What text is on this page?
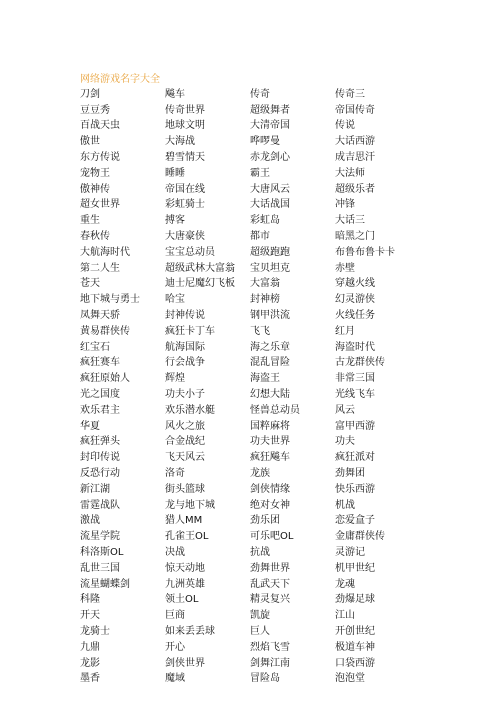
网络游戏名字大全
刀剑	飚车	传奇	传奇三
豆豆秀	传奇世界	超级舞者	帝国传奇
百战天虫	地球文明	大清帝国	传说
傲世	大海战	哗啰曼	大话西游
东方传说	碧雪情天	赤龙剑心	成吉思汗
宠物王	睡睡	霸王	大法师
傲神传	帝国在线	大唐风云	超级乐者
超女世界	彩虹骑士	大话战国	冲锋
重生	搏客	彩虹岛	大话三
春秋传	大唐豪侠	都市	暗黑之门
大航海时代	宝宝总动员	超级跑跑	布鲁布鲁卡卡
第二人生	超级武林大富翁	宝贝坦克	赤壁
苍天	迪士尼魔幻飞板	大富翁	穿越火线
地下城与勇士	哈宝	封神榜	幻灵游侠
凤舞天骄	封神传说	钢甲洪流	火线任务
黄易群侠传	疯狂卡丁车	飞飞	红月
红宝石	航海国际	海之乐章	海盗时代
疯狂赛车	行会战争	混乱冒险	古龙群侠传
疯狂原始人	辉煌	海盗王	非常三国
光之国度	功夫小子	幻想大陆	光线飞车
欢乐君主	欢乐潜水艇	怪兽总动员	风云
华夏	风火之旅	国粹麻将	富甲西游
疯狂弹头	合金战纪	功夫世界	功夫
封印传说	飞天风云	疯狂飚车	疯狂派对
反恐行动	洛奇	龙族	劲舞团
新江湖	街头篮球	剑侠情缘	快乐西游
雷霆战队	龙与地下城	绝对女神	机战
激战	猎人MM	劲乐团	恋爱盒子
流星学院	孔雀王OL	可乐吧OL	金庸群侠传
科洛斯OL	决战	抗战	灵游记
乱世三国	惊天动地	劲舞世界	机甲世纪
流星蝴蝶剑	九洲英雄	乱武天下	龙魂
科隆	领土OL	精灵复兴	劲爆足球
开天	巨商	凯旋	江山
龙骑士	如来丢丢球	巨人	开创世纪
九鼎	开心	烈焰飞雪	极道车神
龙影	剑侠世界	剑舞江南	口袋西游
墨香	魔域	冒险岛	泡泡堂
